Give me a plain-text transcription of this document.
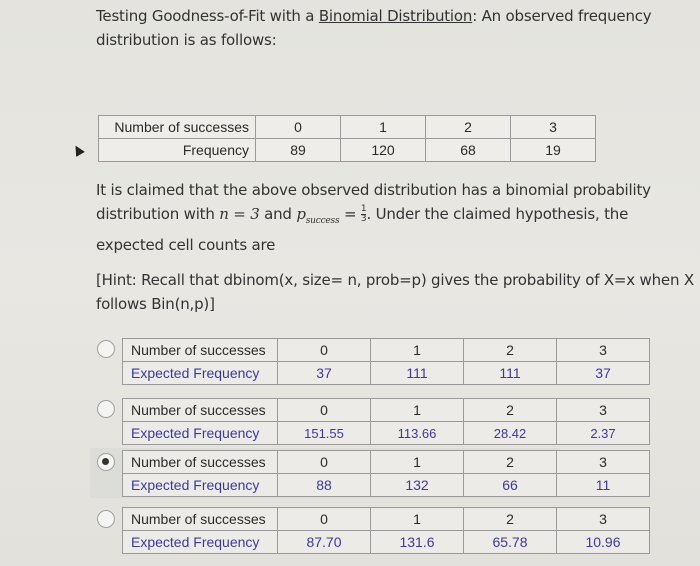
Testing Goodness-of-Fit with a Binomial Distribution: An observed frequency
distribution is as follows:
Number of successes	0	1	2	3
Frequency	89	120	68	19
It is claimed that the above observed distribution has a binomial probability
distribution with n = 3 and $p_{success} = \frac{1}{3}$ . Under the claimed hypothesis, the
expected cell counts are
[Hint: Recall that dbinom(x, size= n, prob=p) gives the probability of X=x when X
follows Bin(n,p)]
Number of successes	0	1	2	3
Expected Frequency	37	111	111	37
Number of successes	0	1	2	3
Expected Frequency	151.55	113.66	28.42	2.37
Number of successes	0	1	2	3
Expected Frequency	88	132	66	11
Number of successes	0	1	2	3
Expected Frequency	87.70	131.6	65.78	10.96
